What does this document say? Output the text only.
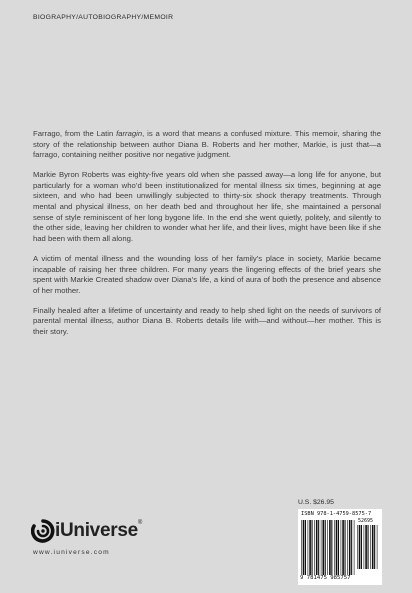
BIOGRAPHY/AUTOBIOGRAPHY/MEMOIR

Farrago, from the Latin farragin, is a word that means a confused mixture. This memoir, sharing the story of the relationship between author Diana B. Roberts and her mother, Markie, is just that—a farrago, containing neither positive nor negative judgment.

Markie Byron Roberts was eighty-five years old when she passed away—a long life for anyone, but particularly for a woman who’d been institutionalized for mental illness six times, beginning at age sixteen, and who had been unwillingly subjected to thirty-six shock therapy treatments. Through mental and physical illness, on her death bed and throughout her life, she maintained a personal sense of style reminiscent of her long bygone life. In the end she went quietly, politely, and silently to the other side, leaving her children to wonder what her life, and their lives, might have been like if she had been with them all along.

A victim of mental illness and the wounding loss of her family’s place in society, Markie became incapable of raising her three children. For many years the lingering effects of the brief years she spent with Markie Created shadow over Diana’s life, a kind of aura of both the presence and absence of her mother.

Finally healed after a lifetime of uncertainty and ready to help shed light on the needs of survivors of parental mental illness, author Diana B. Roberts details life with—and without—her mother. This is their story.

iUniverse®
www.iuniverse.com
U.S. $26.95
ISBN 978-1-4759-8575-7
52695
9 781475 985757
